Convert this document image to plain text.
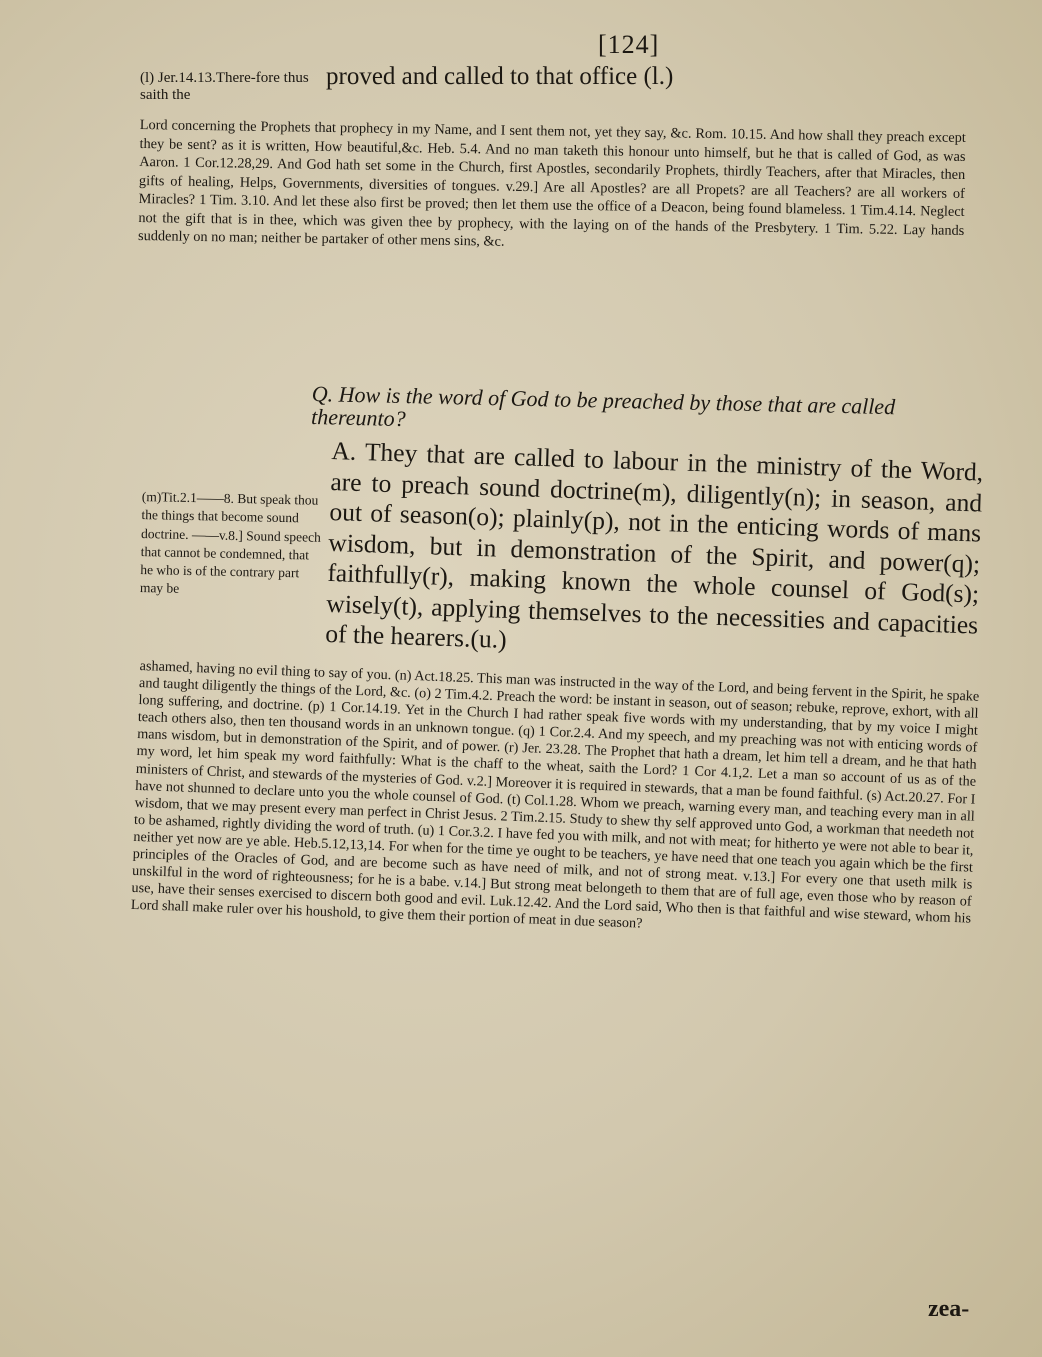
[124]
(l) Jer.14.13.There-fore thus saith the
proved and called to that office (l.)
Lord concerning the Prophets that prophecy in my Name, and I sent them not, yet they say, &c. Rom. 10.15. And how shall they preach except they be sent? as it is written, How beautiful,&c. Heb. 5.4. And no man taketh this honour unto himself, but he that is called of God, as was Aaron. 1 Cor.12.28,29. And God hath set some in the Church, first Apostles, secondarily Prophets, thirdly Teachers, after that Miracles, then gifts of healing, Helps, Governments, diversities of tongues. v.29.] Are all Apostles? are all Propets? are all Teachers? are all workers of Miracles? 1 Tim. 3.10. And let these also first be proved; then let them use the office of a Deacon, being found blameless. 1 Tim.4.14. Neglect not the gift that is in thee, which was given thee by prophecy, with the laying on of the hands of the Presbytery. 1 Tim. 5.22. Lay hands suddenly on no man; neither be partaker of other mens sins, &c.
Q. How is the word of God to be preached by those that are called thereunto?
A. They that are called to labour in the ministry of the Word, are to preach sound doctrine(m), diligently(n); in season, and out of season(o); plainly(p), not in the enticing words of mans wisdom, but in demonstration of the Spirit, and power(q); faithfully(r), making known the whole counsel of God(s); wisely(t), applying themselves to the necessities and capacities of the hearers.(u.)
(m)Tit.2.1——8. But speak thou the things that become sound doctrine. ——v.8.] Sound speech that cannot be condemned, that he who is of the contrary part may be
ashamed, having no evil thing to say of you. (n) Act.18.25. This man was instructed in the way of the Lord, and being fervent in the Spirit, he spake and taught diligently the things of the Lord, &c. (o) 2 Tim.4.2. Preach the word: be instant in season, out of season; rebuke, reprove, exhort, with all long suffering, and doctrine. (p) 1 Cor.14.19. Yet in the Church I had rather speak five words with my understanding, that by my voice I might teach others also, then ten thousand words in an unknown tongue. (q) 1 Cor.2.4. And my speech, and my preaching was not with enticing words of mans wisdom, but in demonstration of the Spirit, and of power. (r) Jer. 23.28. The Prophet that hath a dream, let him tell a dream, and he that hath my word, let him speak my word faithfully: What is the chaff to the wheat, saith the Lord? 1 Cor 4.1,2. Let a man so account of us as of the ministers of Christ, and stewards of the mysteries of God. v.2.] Moreover it is required in stewards, that a man be found faithful. (s) Act.20.27. For I have not shunned to declare unto you the whole counsel of God. (t) Col.1.28. Whom we preach, warning every man, and teaching every man in all wisdom, that we may present every man perfect in Christ Jesus. 2 Tim.2.15. Study to shew thy self approved unto God, a workman that needeth not to be ashamed, rightly dividing the word of truth. (u) 1 Cor.3.2. I have fed you with milk, and not with meat; for hitherto ye were not able to bear it, neither yet now are ye able. Heb.5.12,13,14. For when for the time ye ought to be teachers, ye have need that one teach you again which be the first principles of the Oracles of God, and are become such as have need of milk, and not of strong meat. v.13.] For every one that useth milk is unskilful in the word of righteousness; for he is a babe. v.14.] But strong meat belongeth to them that are of full age, even those who by reason of use, have their senses exercised to discern both good and evil. Luk.12.42. And the Lord said, Who then is that faithful and wise steward, whom his Lord shall make ruler over his houshold, to give them their portion of meat in due season?
zea-
